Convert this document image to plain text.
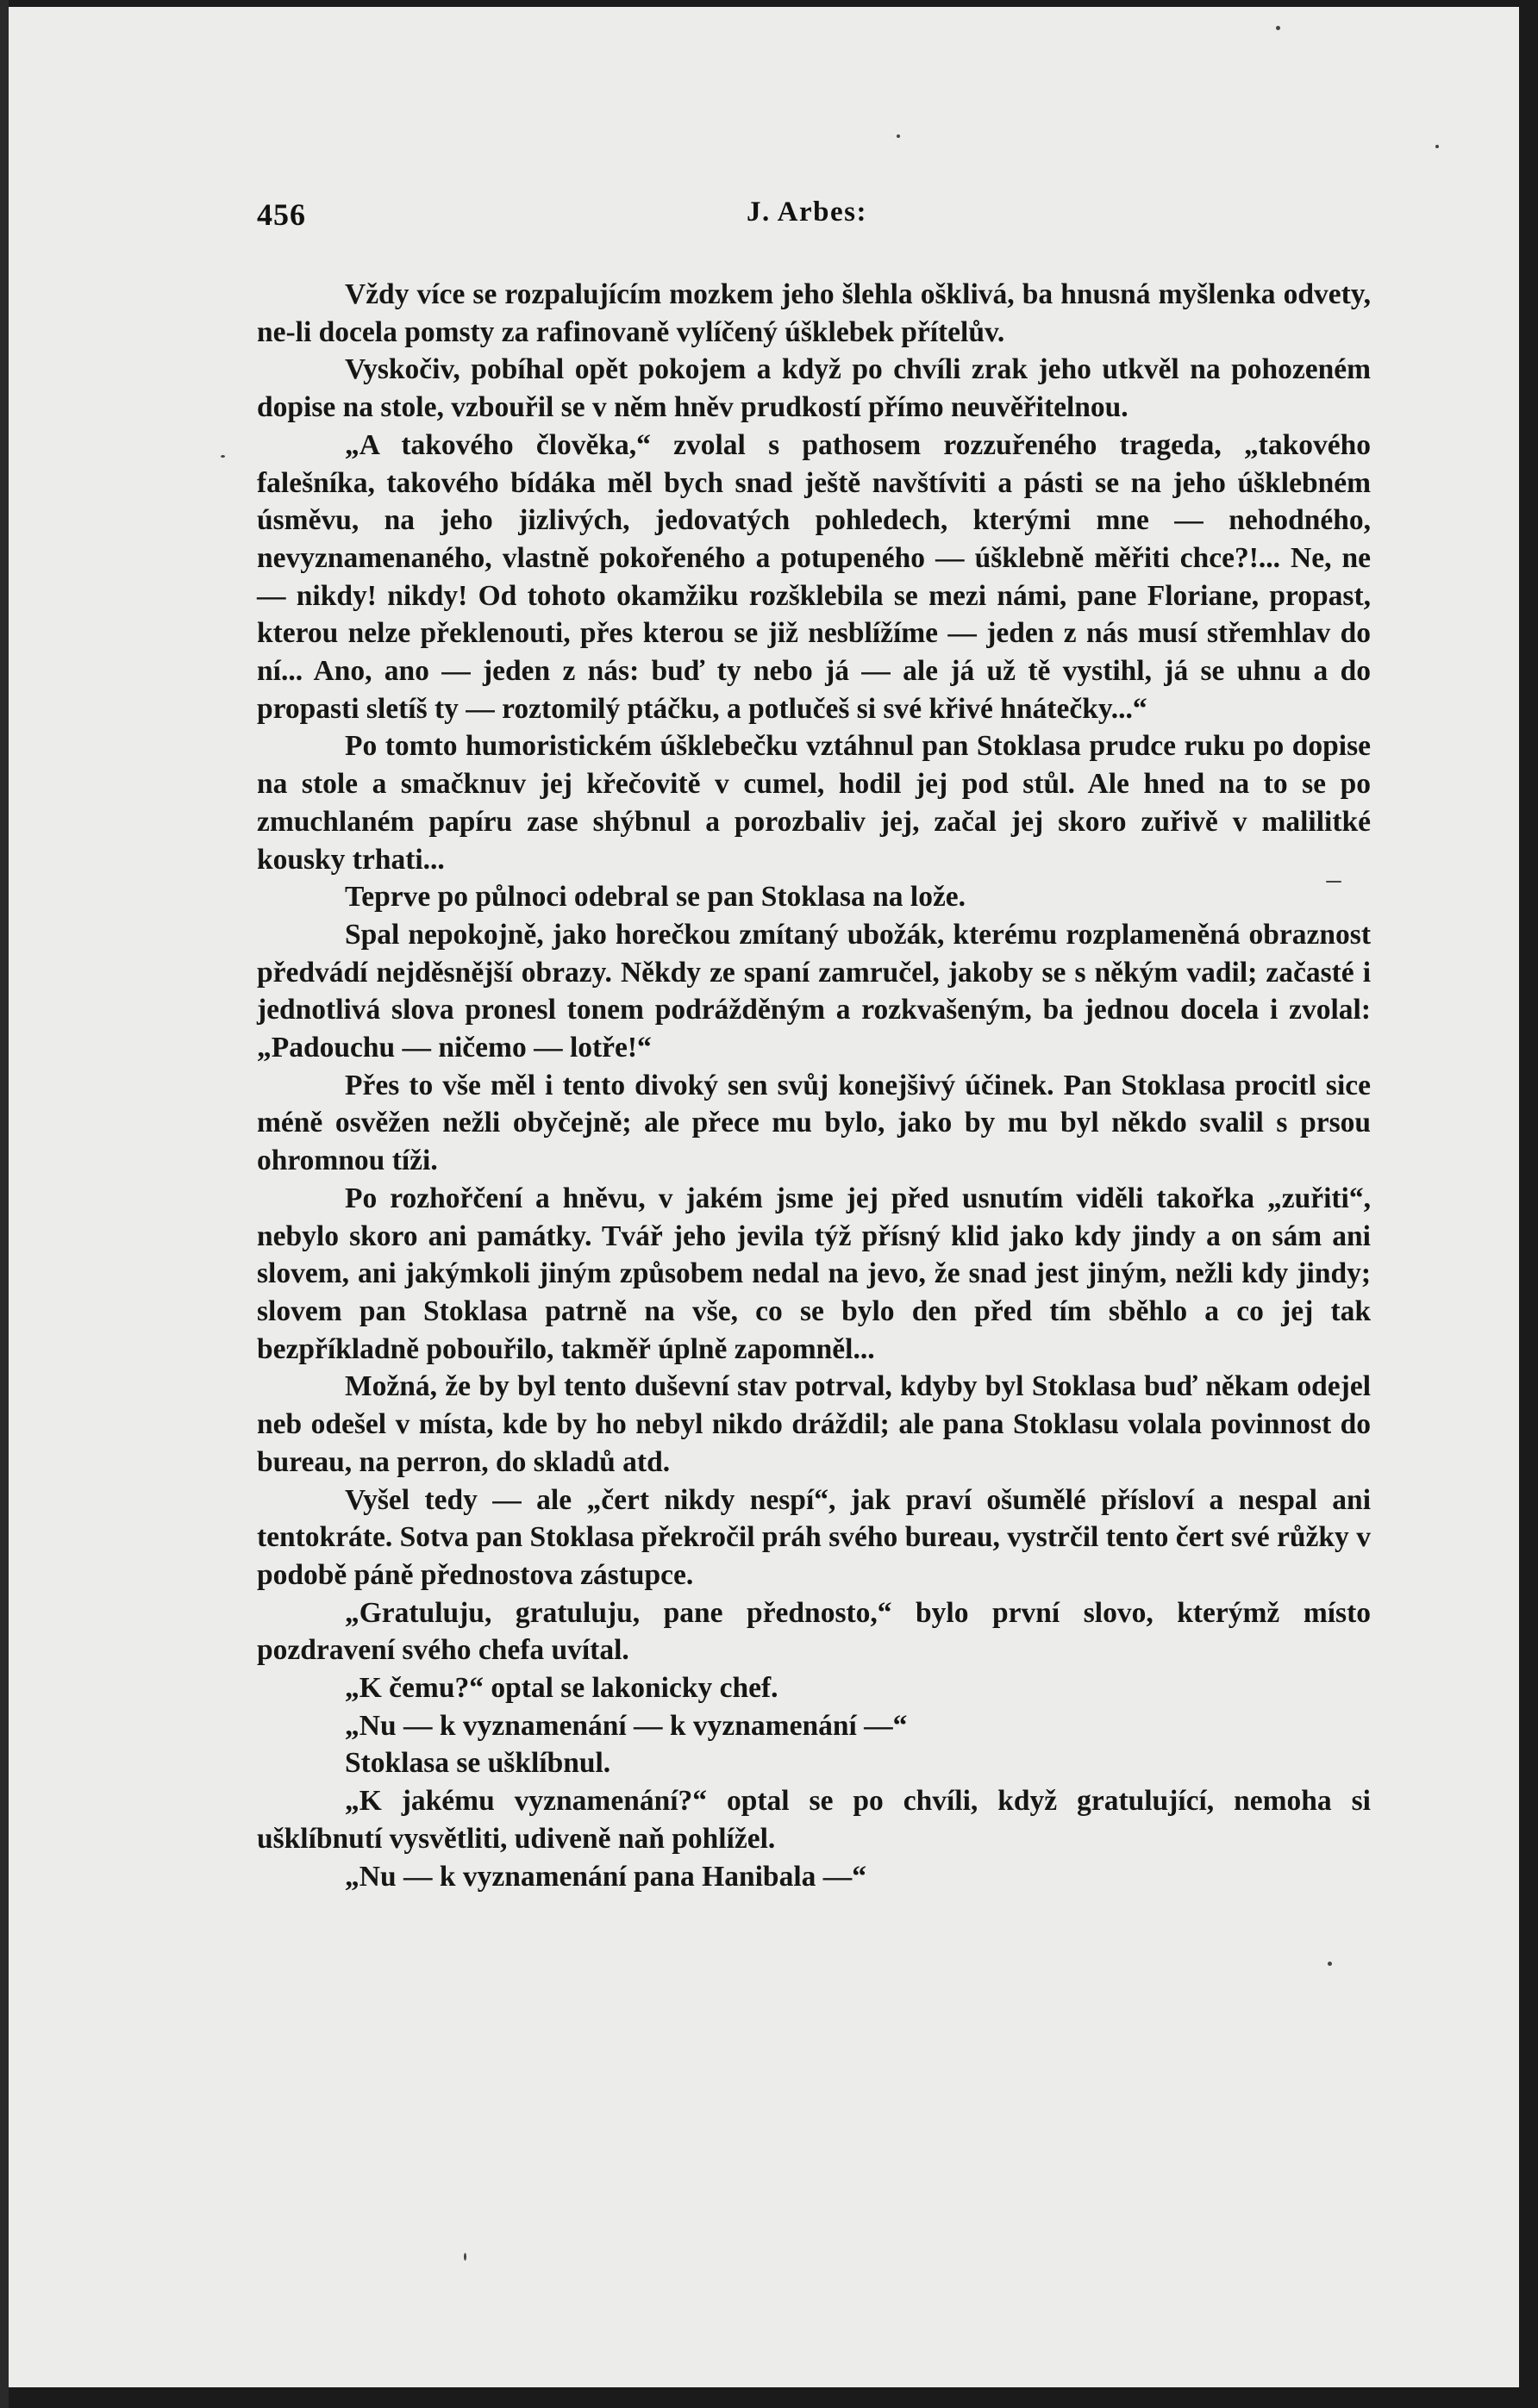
456	J. Arbes:

Vždy více se rozpalujícím mozkem jeho šlehla ošklivá, ba hnusná myšlenka odvety, ne-li docela pomsty za rafinovaně vylíčený úšklebek přítelův.

Vyskočiv, pobíhal opět pokojem a když po chvíli zrak jeho utkvěl na pohozeném dopise na stole, vzbouřil se v něm hněv prudkostí přímo neuvěřitelnou.

„A takového člověka,“ zvolal s pathosem rozzuřeného trageda, „takového falešníka, takového bídáka měl bych snad ještě navštíviti a pásti se na jeho úšklebném úsměvu, na jeho jizlivých, jedovatých pohledech, kterými mne — nehodného, nevyznamenaného, vlastně pokořeného a potupeného — úšklebně měřiti chce?!... Ne, ne — nikdy! nikdy! Od tohoto okamžiku rozšklebila se mezi námi, pane Floriane, propast, kterou nelze překlenouti, přes kterou se již nesblížíme — jeden z nás musí střemhlav do ní... Ano, ano — jeden z nás: buď ty nebo já — ale já už tě vystihl, já se uhnu a do propasti sletíš ty — roztomilý ptáčku, a potlučeš si své křivé hnátečky...“

Po tomto humoristickém úšklebečku vztáhnul pan Stoklasa prudce ruku po dopise na stole a smačknuv jej křečovitě v cumel, hodil jej pod stůl. Ale hned na to se po zmuchlaném papíru zase shýbnul a porozbaliv jej, začal jej skoro zuřivě v malilitké kousky trhati...

Teprve po půlnoci odebral se pan Stoklasa na lože.

Spal nepokojně, jako horečkou zmítaný ubožák, kterému rozplameněná obraznost předvádí nejděsnější obrazy. Někdy ze spaní zamručel, jakoby se s někým vadil; začasté i jednotlivá slova pronesl tonem podrážděným a rozkvašeným, ba jednou docela i zvolal: „Padouchu — ničemo — lotře!“

Přes to vše měl i tento divoký sen svůj konejšivý účinek. Pan Stoklasa procitl sice méně osvěžen nežli obyčejně; ale přece mu bylo, jako by mu byl někdo svalil s prsou ohromnou tíži.

Po rozhořčení a hněvu, v jakém jsme jej před usnutím viděli takořka „zuřiti“, nebylo skoro ani památky. Tvář jeho jevila týž přísný klid jako kdy jindy a on sám ani slovem, ani jakýmkoli jiným způsobem nedal na jevo, že snad jest jiným, nežli kdy jindy; slovem pan Stoklasa patrně na vše, co se bylo den před tím sběhlo a co jej tak bezpříkladně pobouřilo, takměř úplně zapomněl...

Možná, že by byl tento duševní stav potrval, kdyby byl Stoklasa buď někam odejel neb odešel v místa, kde by ho nebyl nikdo dráždil; ale pana Stoklasu volala povinnost do bureau, na perron, do skladů atd.

Vyšel tedy — ale „čert nikdy nespí“, jak praví ošumělé přísloví a nespal ani tentokráte. Sotva pan Stoklasa překročil práh svého bureau, vystrčil tento čert své růžky v podobě páně přednostova zástupce.

„Gratuluju, gratuluju, pane přednosto,“ bylo první slovo, kterýmž místo pozdravení svého chefa uvítal.

„K čemu?“ optal se lakonicky chef.

„Nu — k vyznamenání — k vyznamenání —“

Stoklasa se ušklíbnul.

„K jakému vyznamenání?“ optal se po chvíli, když gratulující, nemoha si ušklíbnutí vysvětliti, udiveně naň pohlížel.

„Nu — k vyznamenání pana Hanibala —“
